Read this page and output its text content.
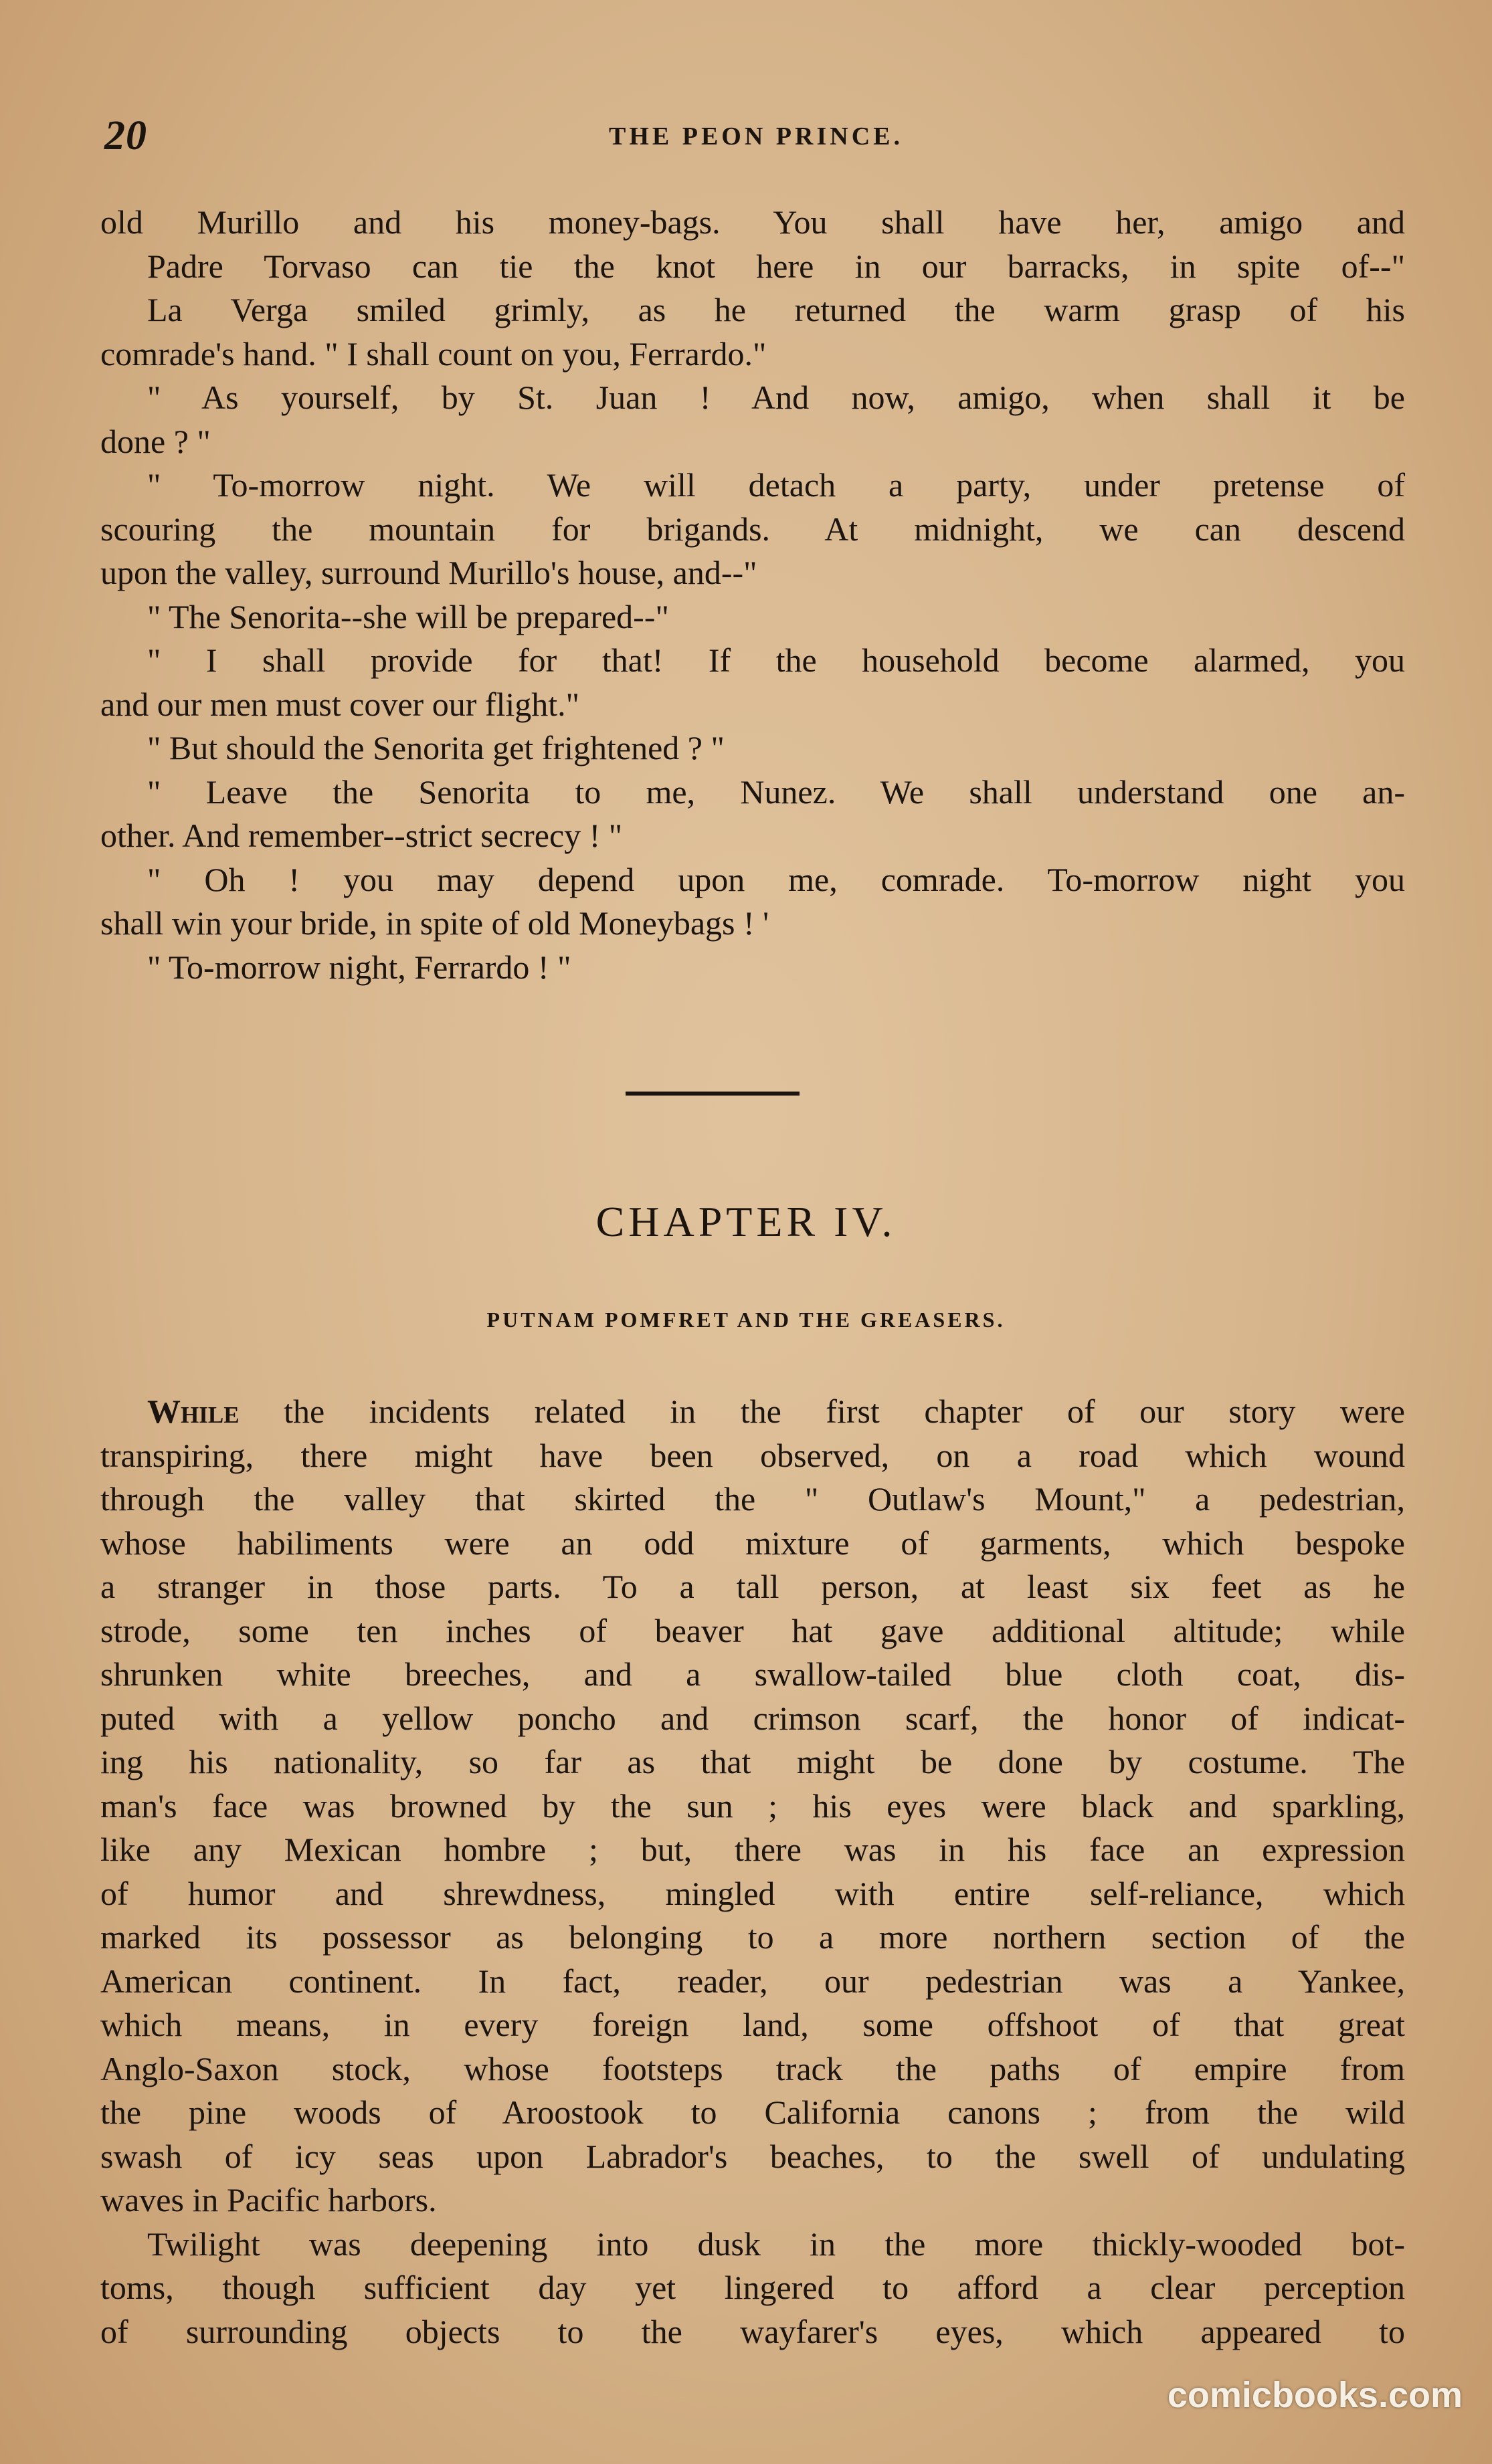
20	THE PEON PRINCE.
old Murillo and his money-bags. You shall have her, amigo and
Padre Torvaso can tie the knot here in our barracks, in spite of--"
La Verga smiled grimly, as he returned the warm grasp of his
comrade's hand. " I shall count on you, Ferrardo."
" As yourself, by St. Juan ! And now, amigo, when shall it be
done ? "
" To-morrow night. We will detach a party, under pretense of
scouring the mountain for brigands. At midnight, we can descend
upon the valley, surround Murillo's house, and--"
" The Senorita--she will be prepared--"
" I shall provide for that! If the household become alarmed, you
and our men must cover our flight."
" But should the Senorita get frightened ? "
" Leave the Senorita to me, Nunez. We shall understand one an-
other. And remember--strict secrecy ! "
" Oh ! you may depend upon me, comrade. To-morrow night you
shall win your bride, in spite of old Moneybags ! '
" To-morrow night, Ferrardo ! "
CHAPTER IV.
PUTNAM POMFRET AND THE GREASERS.
While the incidents related in the first chapter of our story were
transpiring, there might have been observed, on a road which wound
through the valley that skirted the " Outlaw's Mount," a pedestrian,
whose habiliments were an odd mixture of garments, which bespoke
a stranger in those parts. To a tall person, at least six feet as he
strode, some ten inches of beaver hat gave additional altitude; while
shrunken white breeches, and a swallow-tailed blue cloth coat, dis-
puted with a yellow poncho and crimson scarf, the honor of indicat-
ing his nationality, so far as that might be done by costume. The
man's face was browned by the sun ; his eyes were black and sparkling,
like any Mexican hombre ; but, there was in his face an expression
of humor and shrewdness, mingled with entire self-reliance, which
marked its possessor as belonging to a more northern section of the
American continent. In fact, reader, our pedestrian was a Yankee,
which means, in every foreign land, some offshoot of that great
Anglo-Saxon stock, whose footsteps track the paths of empire from
the pine woods of Aroostook to California canons ; from the wild
swash of icy seas upon Labrador's beaches, to the swell of undulating
waves in Pacific harbors.
Twilight was deepening into dusk in the more thickly-wooded bot-
toms, though sufficient day yet lingered to afford a clear perception
of surrounding objects to the wayfarer's eyes, which appeared to
comicbooks.com
